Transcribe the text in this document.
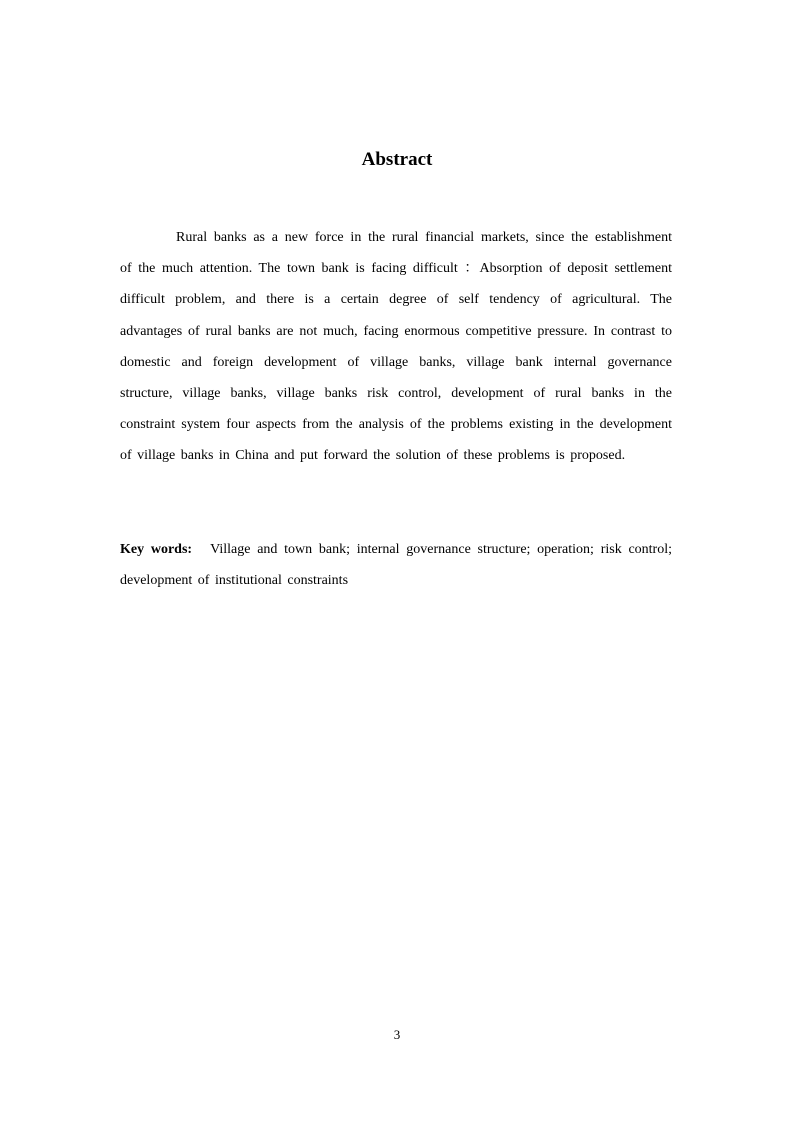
Abstract

Rural banks as a new force in the rural financial markets, since the establishment of the much attention. The town bank is facing difficult ：Absorption of deposit settlement difficult problem, and there is a certain degree of self tendency of agricultural. The advantages of rural banks are not much, facing enormous competitive pressure. In contrast to domestic and foreign development of village banks, village bank internal governance structure, village banks, village banks risk control, development of rural banks in the constraint system four aspects from the analysis of the problems existing in the development of village banks in China and put forward the solution of these problems is proposed.

Key words: Village and town bank; internal governance structure; operation; risk control; development of institutional constraints

3
